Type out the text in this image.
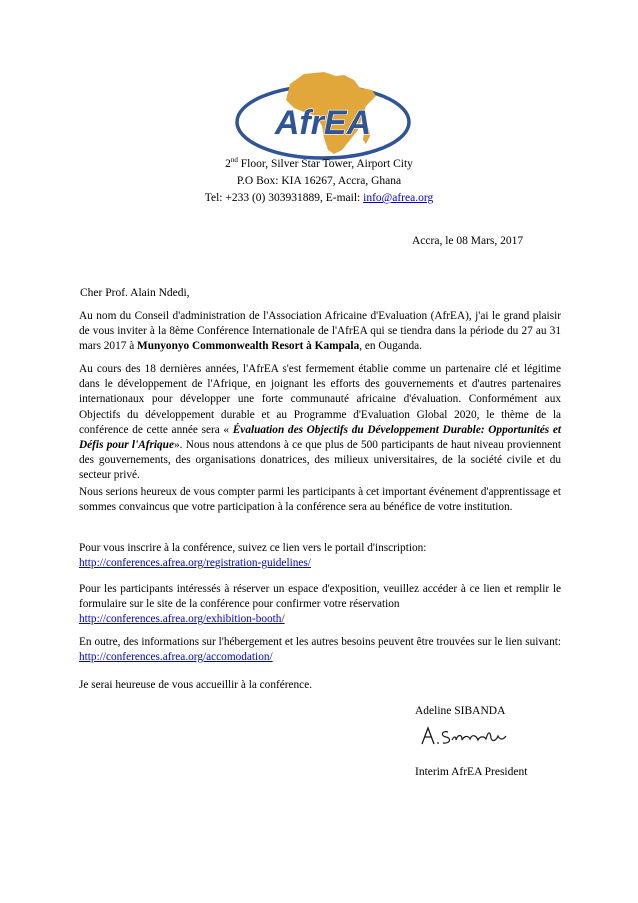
AfrEA
2nd Floor, Silver Star Tower, Airport City
P.O Box: KIA 16267, Accra, Ghana
Tel: +233 (0) 303931889, E-mail: info@afrea.org
Accra, le 08 Mars, 2017
Cher Prof. Alain Ndedi,

Au nom du Conseil d'administration de l'Association Africaine d'Evaluation (AfrEA), j'ai le grand plaisir de vous inviter à la 8ème Conférence Internationale de l'AfrEA qui se tiendra dans la période du 27 au 31 mars 2017 à Munyonyo Commonwealth Resort à Kampala, en Ouganda.

Au cours des 18 dernières années, l'AfrEA s'est fermement établie comme un partenaire clé et légitime dans le développement de l'Afrique, en joignant les efforts des gouvernements et d'autres partenaires internationaux pour développer une forte communauté africaine d'évaluation. Conformément aux Objectifs du développement durable et au Programme d'Evaluation Global 2020, le thème de la conférence de cette année sera « Évaluation des Objectifs du Développement Durable: Opportunités et Défis pour l'Afrique». Nous nous attendons à ce que plus de 500 participants de haut niveau proviennent des gouvernements, des organisations donatrices, des milieux universitaires, de la société civile et du secteur privé.

Nous serions heureux de vous compter parmi les participants à cet important événement d'apprentissage et sommes convaincus que votre participation à la conférence sera au bénéfice de votre institution.

Pour vous inscrire à la conférence, suivez ce lien vers le portail d'inscription:
http://conferences.afrea.org/registration-guidelines/

Pour les participants intéressés à réserver un espace d'exposition, veuillez accéder à ce lien et remplir le formulaire sur le site de la conférence pour confirmer votre réservation
http://conferences.afrea.org/exhibition-booth/

En outre, des informations sur l'hébergement et les autres besoins peuvent être trouvées sur le lien suivant: http://conferences.afrea.org/accomodation/

Je serai heureuse de vous accueillir à la conférence.

Adeline SIBANDA
Interim AfrEA President
